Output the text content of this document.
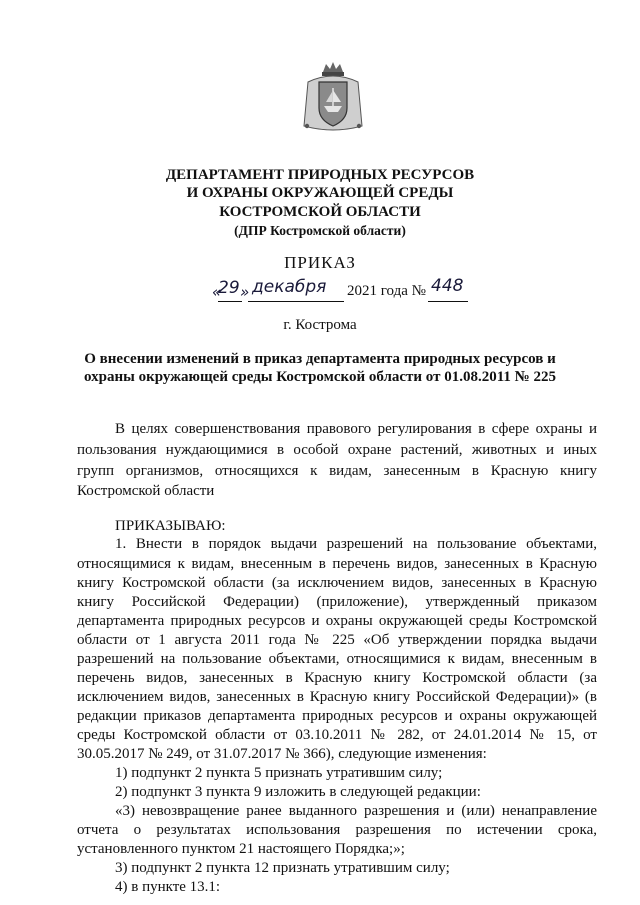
ДЕПАРТАМЕНТ ПРИРОДНЫХ РЕСУРСОВ
И ОХРАНЫ ОКРУЖАЮЩЕЙ СРЕДЫ
КОСТРОМСКОЙ ОБЛАСТИ
(ДПР Костромской области)
ПРИКАЗ
«
29 » декабря 2021 года № 448
г. Кострома
О внесении изменений в приказ департамента природных ресурсов и
охраны окружающей среды Костромской области от 01.08.2011 № 225
В целях совершенствования правового регулирования в сфере охраны и
пользования нуждающимися в особой охране растений, животных и иных
групп организмов, относящихся к видам, занесенным в Красную книгу
Костромской области
ПРИКАЗЫВАЮ:
1. Внести в порядок выдачи разрешений на пользование объектами,
относящимися к видам, внесенным в перечень видов, занесенных в Красную
книгу Костромской области (за исключением видов, занесенных в Красную
книгу Российской Федерации) (приложение), утвержденный приказом
департамента природных ресурсов и охраны окружающей среды Костромской
области от 1 августа 2011 года № 225 «Об утверждении порядка выдачи
разрешений на пользование объектами, относящимися к видам, внесенным в
перечень видов, занесенных в Красную книгу Костромской области (за
исключением видов, занесенных в Красную книгу Российской Федерации)» (в
редакции приказов департамента природных ресурсов и охраны окружающей
среды Костромской области от 03.10.2011 № 282, от 24.01.2014 № 15, от
30.05.2017 № 249, от 31.07.2017 № 366), следующие изменения:
1) подпункт 2 пункта 5 признать утратившим силу;
2) подпункт 3 пункта 9 изложить в следующей редакции:
«3) невозвращение ранее выданного разрешения и (или) ненаправление
отчета о результатах использования разрешения по истечении срока,
установленного пунктом 21 настоящего Порядка;»;
3) подпункт 2 пункта 12 признать утратившим силу;
4) в пункте 13.1:
